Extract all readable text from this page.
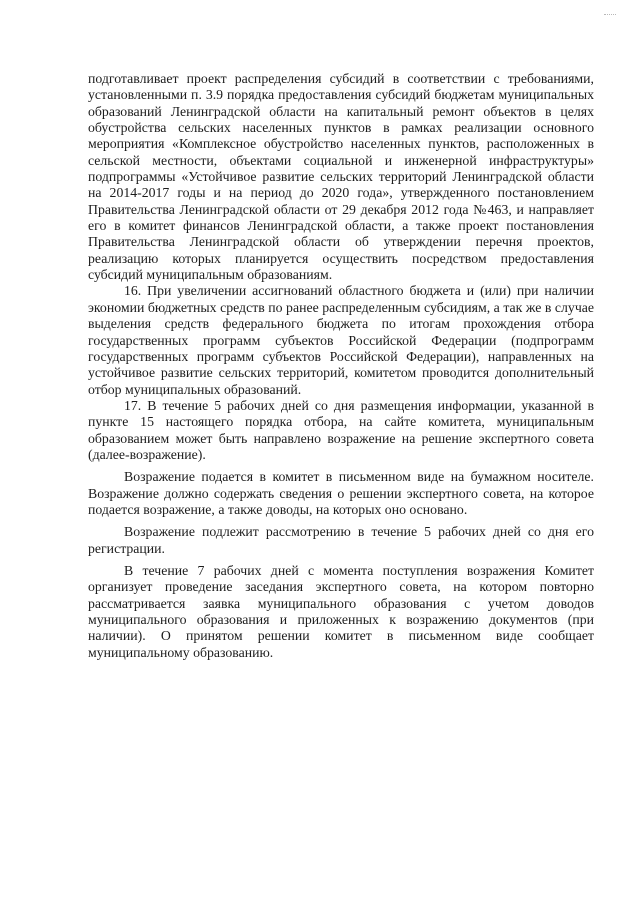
подготавливает проект распределения субсидий в соответствии с требованиями, установленными п. 3.9 порядка предоставления субсидий бюджетам муниципальных образований Ленинградской области на капитальный ремонт объектов в целях обустройства сельских населенных пунктов в рамках реализации основного мероприятия «Комплексное обустройство населенных пунктов, расположенных в сельской местности, объектами социальной и инженерной инфраструктуры» подпрограммы «Устойчивое развитие сельских территорий Ленинградской области на 2014-2017 годы и на период до 2020 года», утвержденного постановлением Правительства Ленинградской области от 29 декабря 2012 года №463, и направляет его в комитет финансов Ленинградской области, а также проект постановления Правительства Ленинградской области об утверждении перечня проектов, реализацию которых планируется осуществить посредством предоставления субсидий муниципальным образованиям.

16. При увеличении ассигнований областного бюджета и (или) при наличии экономии бюджетных средств по ранее распределенным субсидиям, а так же в случае выделения средств федерального бюджета по итогам прохождения отбора государственных программ субъектов Российской Федерации (подпрограмм государственных программ субъектов Российской Федерации), направленных на устойчивое развитие сельских территорий, комитетом проводится дополнительный отбор муниципальных образований.

17. В течение 5 рабочих дней со дня размещения информации, указанной в пункте 15 настоящего порядка отбора, на сайте комитета, муниципальным образованием может быть направлено возражение на решение экспертного совета (далее-возражение).

Возражение подается в комитет в письменном виде на бумажном носителе. Возражение должно содержать сведения о решении экспертного совета, на которое подается возражение, а также доводы, на которых оно основано.

Возражение подлежит рассмотрению в течение 5 рабочих дней со дня его регистрации.

В течение 7 рабочих дней с момента поступления возражения Комитет организует проведение заседания экспертного совета, на котором повторно рассматривается заявка муниципального образования с учетом доводов муниципального образования и приложенных к возражению документов (при наличии). О принятом решении комитет в письменном виде сообщает муниципальному образованию.
